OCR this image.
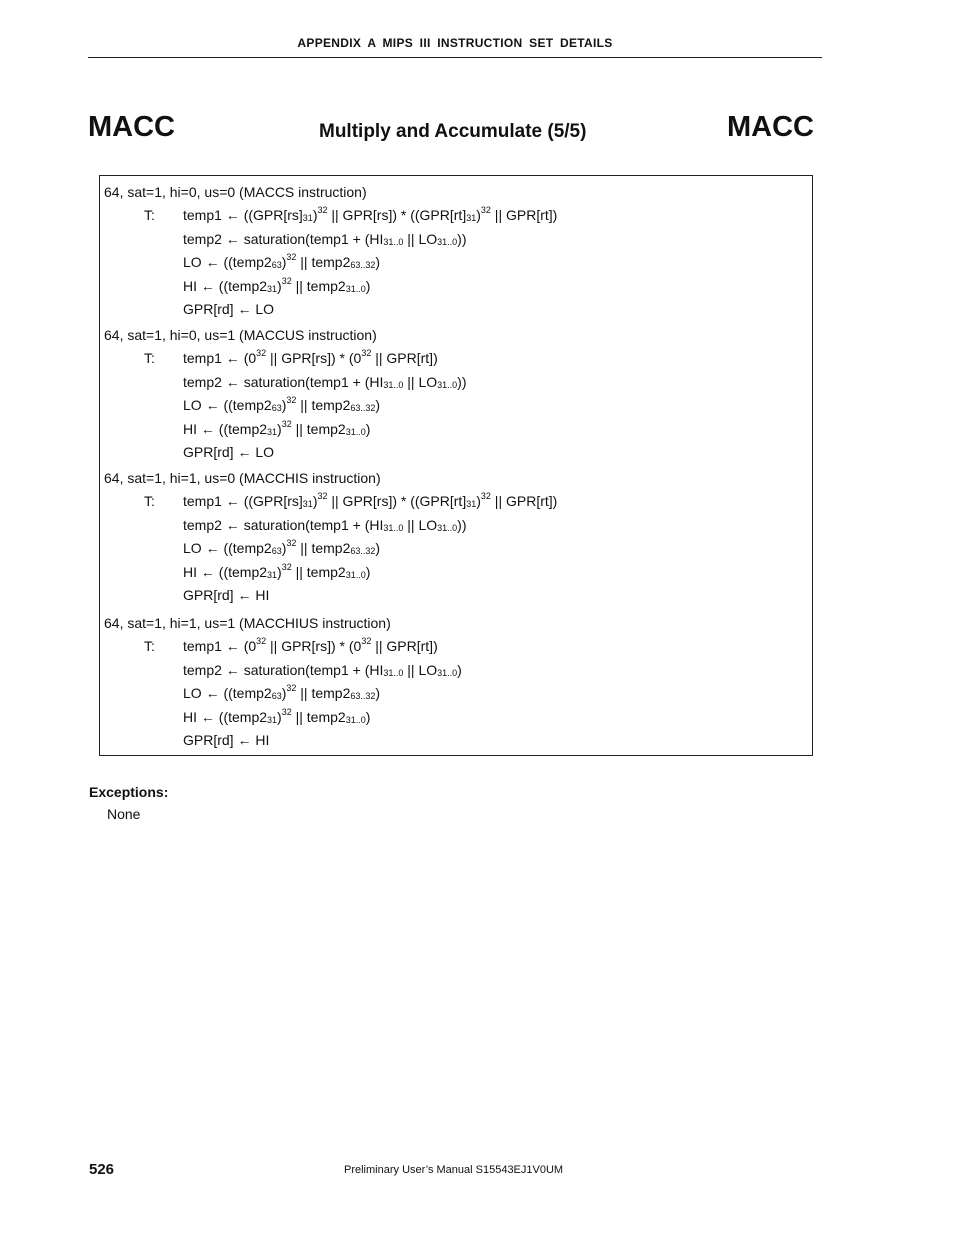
APPENDIX A MIPS III INSTRUCTION SET DETAILS
MACC	Multiply and Accumulate (5/5)	MACC
64, sat=1, hi=0, us=0 (MACCS instruction)
T: temp1 ← ($(GPR[rs]_{31})^{32}$ || $GPR[rs]) * ((GPR[rt]_{31})^{32}$ || GPR[rt])
temp2 ← saturation(temp1 + ($HI_{31..0}$ || $LO_{31..0}$))
LO ← ($(temp2_{63})^{32}$ || $temp2_{63..32}$)
HI ← ($(temp2_{31})^{32}$ || $temp2_{31..0}$)
GPR[rd] ← LO
64, sat=1, hi=0, us=1 (MACCUS instruction)
T: temp1 ← ($0^{32}$ || $GPR[rs]) * (0^{32}$ || GPR[rt])
temp2 ← saturation(temp1 + ($HI_{31..0}$ || $LO_{31..0}$))
LO ← ($(temp2_{63})^{32}$ || $temp2_{63..32}$)
HI ← ($(temp2_{31})^{32}$ || $temp2_{31..0}$)
GPR[rd] ← LO
64, sat=1, hi=1, us=0 (MACCHIS instruction)
T: temp1 ← ($(GPR[rs]_{31})^{32}$ || $GPR[rs]) * ((GPR[rt]_{31})^{32}$ || GPR[rt])
temp2 ← saturation(temp1 + ($HI_{31..0}$ || $LO_{31..0}$))
LO ← ($(temp2_{63})^{32}$ || $temp2_{63..32}$)
HI ← ($(temp2_{31})^{32}$ || $temp2_{31..0}$)
GPR[rd] ← HI
64, sat=1, hi=1, us=1 (MACCHIUS instruction)
T: temp1 ← ($0^{32}$ || $GPR[rs]) * (0^{32}$ || GPR[rt])
temp2 ← saturation(temp1 + ($HI_{31..0}$ || $LO_{31..0}$)
LO ← ($(temp2_{63})^{32}$ || $temp2_{63..32}$)
HI ← ($(temp2_{31})^{32}$ || $temp2_{31..0}$)
GPR[rd] ← HI
Exceptions:
None
526	Preliminary User’s Manual S15543EJ1V0UM
